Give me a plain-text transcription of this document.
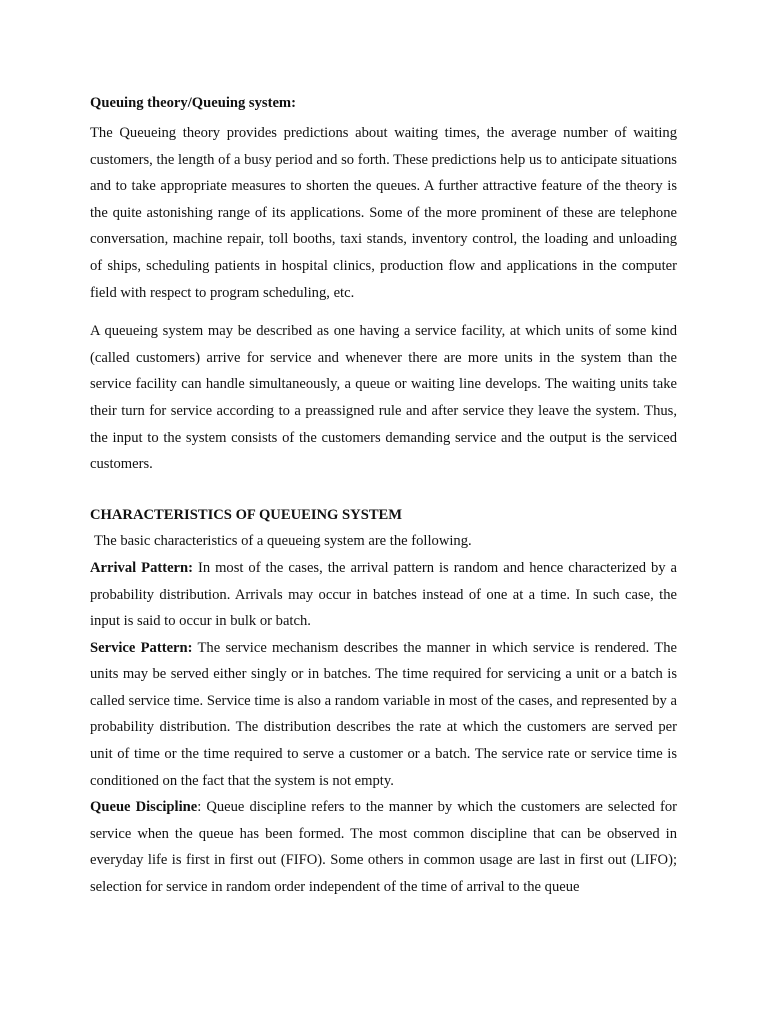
Queuing theory/Queuing system:

The Queueing theory provides predictions about waiting times, the average number of waiting customers, the length of a busy period and so forth. These predictions help us to anticipate situations and to take appropriate measures to shorten the queues. A further attractive feature of the theory is the quite astonishing range of its applications. Some of the more prominent of these are telephone conversation, machine repair, toll booths, taxi stands, inventory control, the loading and unloading of ships, scheduling patients in hospital clinics, production flow and applications in the computer field with respect to program scheduling, etc.

A queueing system may be described as one having a service facility, at which units of some kind (called customers) arrive for service and whenever there are more units in the system than the service facility can handle simultaneously, a queue or waiting line develops. The waiting units take their turn for service according to a preassigned rule and after service they leave the system. Thus, the input to the system consists of the customers demanding service and the output is the serviced customers.

CHARACTERISTICS OF QUEUEING SYSTEM
The basic characteristics of a queueing system are the following.
Arrival Pattern: In most of the cases, the arrival pattern is random and hence characterized by a probability distribution. Arrivals may occur in batches instead of one at a time. In such case, the input is said to occur in bulk or batch.
Service Pattern: The service mechanism describes the manner in which service is rendered. The units may be served either singly or in batches. The time required for servicing a unit or a batch is called service time. Service time is also a random variable in most of the cases, and represented by a probability distribution. The distribution describes the rate at which the customers are served per unit of time or the time required to serve a customer or a batch. The service rate or service time is conditioned on the fact that the system is not empty.
Queue Discipline: Queue discipline refers to the manner by which the customers are selected for service when the queue has been formed. The most common discipline that can be observed in everyday life is first in first out (FIFO). Some others in common usage are last in first out (LIFO); selection for service in random order independent of the time of arrival to the queue
